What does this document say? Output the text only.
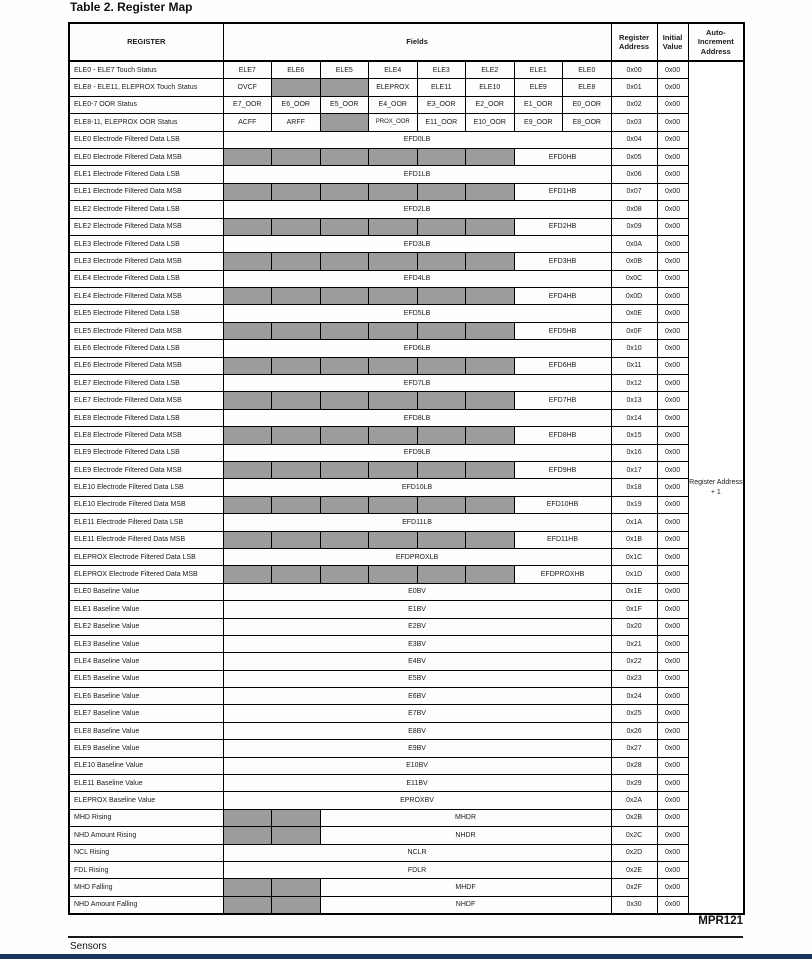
Table 2. Register Map
REGISTER	Fields								Register Address	Initial Value	Auto- Increment Address
ELE0 - ELE7 Touch Status	ELE7	ELE6	ELE5	ELE4	ELE3	ELE2	ELE1	ELE0	0x00	0x00	Register Address + 1
ELE8 - ELE11, ELEPROX Touch Status	OVCF			ELEPROX	ELE11	ELE10	ELE9	ELE8	0x01	0x00	
ELE0-7 OOR Status	E7_OOR	E6_OOR	E5_OOR	E4_OOR	E3_OOR	E2_OOR	E1_OOR	E0_OOR	0x02	0x00	
ELE8-11, ELEPROX OOR Status	ACFF	ARFF		PROX_OOR	E11_OOR	E10_OOR	E9_OOR	E8_OOR	0x03	0x00	
ELE0 Electrode Filtered Data LSB	EFD0LB								0x04	0x00	
ELE0 Electrode Filtered Data MSB							EFD0HB		0x05	0x00	
ELE1 Electrode Filtered Data LSB	EFD1LB								0x06	0x00	
ELE1 Electrode Filtered Data MSB							EFD1HB		0x07	0x00	
ELE2 Electrode Filtered Data LSB	EFD2LB								0x08	0x00	
ELE2 Electrode Filtered Data MSB							EFD2HB		0x09	0x00	
ELE3 Electrode Filtered Data LSB	EFD3LB								0x0A	0x00	
ELE3 Electrode Filtered Data MSB							EFD3HB		0x0B	0x00	
ELE4 Electrode Filtered Data LSB	EFD4LB								0x0C	0x00	
ELE4 Electrode Filtered Data MSB							EFD4HB		0x0D	0x00	
ELE5 Electrode Filtered Data LSB	EFD5LB								0x0E	0x00	
ELE5 Electrode Filtered Data MSB							EFD5HB		0x0F	0x00	
ELE6 Electrode Filtered Data LSB	EFD6LB								0x10	0x00	
ELE6 Electrode Filtered Data MSB							EFD6HB		0x11	0x00	
ELE7 Electrode Filtered Data LSB	EFD7LB								0x12	0x00	
ELE7 Electrode Filtered Data MSB							EFD7HB		0x13	0x00	
ELE8 Electrode Filtered Data LSB	EFD8LB								0x14	0x00	
ELE8 Electrode Filtered Data MSB							EFD8HB		0x15	0x00	
ELE9 Electrode Filtered Data LSB	EFD9LB								0x16	0x00	
ELE9 Electrode Filtered Data MSB							EFD9HB		0x17	0x00	
ELE10 Electrode Filtered Data LSB	EFD10LB								0x18	0x00	
ELE10 Electrode Filtered Data MSB							EFD10HB		0x19	0x00	
ELE11 Electrode Filtered Data LSB	EFD11LB								0x1A	0x00	
ELE11 Electrode Filtered Data MSB							EFD11HB		0x1B	0x00	
ELEPROX Electrode Filtered Data LSB	EFDPROXLB								0x1C	0x00	
ELEPROX Electrode Filtered Data MSB							EFDPROXHB		0x1D	0x00	
ELE0 Baseline Value	E0BV								0x1E	0x00	
ELE1 Baseline Value	E1BV								0x1F	0x00	
ELE2 Baseline Value	E2BV								0x20	0x00	
ELE3 Baseline Value	E3BV								0x21	0x00	
ELE4 Baseline Value	E4BV								0x22	0x00	
ELE5 Baseline Value	E5BV								0x23	0x00	
ELE6 Baseline Value	E6BV								0x24	0x00	
ELE7 Baseline Value	E7BV								0x25	0x00	
ELE8 Baseline Value	E8BV								0x26	0x00	
ELE9 Baseline Value	E9BV								0x27	0x00	
ELE10 Baseline Value	E10BV								0x28	0x00	
ELE11 Baseline Value	E11BV								0x29	0x00	
ELEPROX Baseline Value	EPROXBV								0x2A	0x00	
MHD Rising			MHDR						0x2B	0x00	
NHD Amount Rising			NHDR						0x2C	0x00	
NCL Rising	NCLR								0x2D	0x00	
FDL Rising	FDLR								0x2E	0x00	
MHD Falling			MHDF						0x2F	0x00	
NHD Amount Falling			NHDF						0x30	0x00	
MPR121
Sensors
